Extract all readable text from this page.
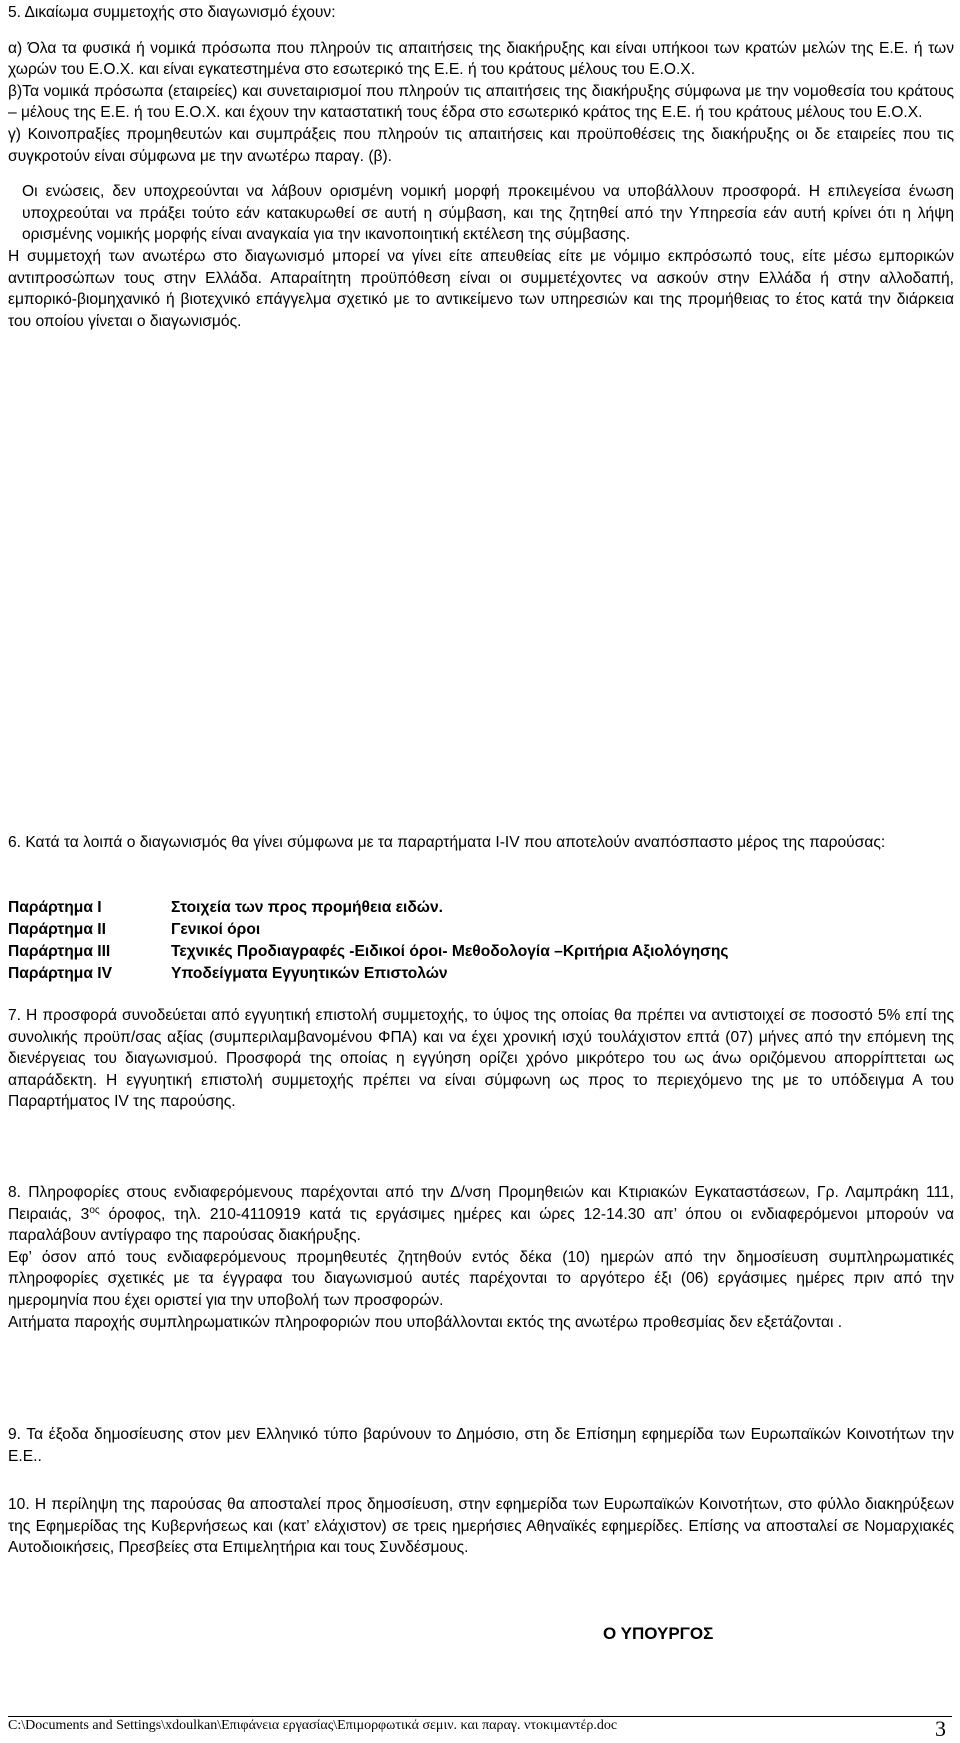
5. Δικαίωμα συμμετοχής στο διαγωνισμό έχουν:

α) Όλα τα φυσικά ή νομικά πρόσωπα που πληρούν τις απαιτήσεις της διακήρυξης και είναι υπήκοοι των κρατών μελών της Ε.Ε. ή των χωρών του Ε.Ο.Χ. και είναι εγκατεστημένα στο εσωτερικό της Ε.Ε. ή του κράτους μέλους του Ε.Ο.Χ.

β)Τα νομικά πρόσωπα (εταιρείες) και συνεταιρισμοί που πληρούν τις απαιτήσεις της διακήρυξης σύμφωνα με την νομοθεσία του κράτους – μέλους της Ε.Ε. ή του Ε.Ο.Χ. και έχουν την καταστατική τους έδρα στο εσωτερικό κράτος της Ε.Ε. ή του κράτους μέλους του Ε.Ο.Χ.

γ) Κοινοπραξίες προμηθευτών και συμπράξεις που πληρούν τις απαιτήσεις και προϋποθέσεις της διακήρυξης οι δε εταιρείες που τις συγκροτούν είναι σύμφωνα με την ανωτέρω παραγ. (β).

Οι ενώσεις, δεν υποχρεούνται να λάβουν ορισμένη νομική μορφή προκειμένου να υποβάλλουν προσφορά. Η επιλεγείσα ένωση υποχρεούται να πράξει τούτο εάν κατακυρωθεί σε αυτή η σύμβαση, και της ζητηθεί από την Υπηρεσία εάν αυτή κρίνει ότι η λήψη ορισμένης νομικής μορφής είναι αναγκαία για την ικανοποιητική εκτέλεση της σύμβασης.

Η συμμετοχή των ανωτέρω στο διαγωνισμό μπορεί να γίνει είτε απευθείας είτε με νόμιμο εκπρόσωπό τους, είτε μέσω εμπορικών αντιπροσώπων τους στην Ελλάδα. Απαραίτητη προϋπόθεση είναι οι συμμετέχοντες να ασκούν στην Ελλάδα ή στην αλλοδαπή, εμπορικό-βιομηχανικό ή βιοτεχνικό επάγγελμα σχετικό με το αντικείμενο των υπηρεσιών και της προμήθειας το έτος κατά την διάρκεια του οποίου γίνεται ο διαγωνισμός.

6. Κατά τα λοιπά ο διαγωνισμός θα γίνει σύμφωνα με τα παραρτήματα I-IV που αποτελούν αναπόσπαστο μέρος της παρούσας:

Παράρτημα I	Στοιχεία των προς προμήθεια ειδών.
Παράρτημα II	Γενικοί όροι
Παράρτημα III	Τεχνικές Προδιαγραφές -Ειδικοί όροι- Μεθοδολογία –Κριτήρια Αξιολόγησης
Παράρτημα IV	Υποδείγματα Εγγυητικών Επιστολών

7. Η προσφορά συνοδεύεται από εγγυητική επιστολή συμμετοχής, το ύψος της οποίας θα πρέπει να αντιστοιχεί σε ποσοστό 5% επί της συνολικής προϋπ/σας αξίας (συμπεριλαμβανομένου ΦΠΑ) και να έχει χρονική ισχύ τουλάχιστον επτά (07) μήνες από την επόμενη της διενέργειας του διαγωνισμού. Προσφορά της οποίας η εγγύηση ορίζει χρόνο μικρότερο του ως άνω οριζόμενου απορρίπτεται ως απαράδεκτη. Η εγγυητική επιστολή συμμετοχής πρέπει να είναι σύμφωνη ως προς το περιεχόμενο της με το υπόδειγμα Α του Παραρτήματος IV της παρούσης.

8. Πληροφορίες στους ενδιαφερόμενους παρέχονται από την Δ/νση Προμηθειών και Κτιριακών Εγκαταστάσεων, Γρ. Λαμπράκη 111, Πειραιάς, $3^{o\varsigma}$ όροφος, τηλ. 210-4110919 κατά τις εργάσιμες ημέρες και ώρες 12-14.30 απ’ όπου οι ενδιαφερόμενοι μπορούν να παραλάβουν αντίγραφο της παρούσας διακήρυξης.

Εφ’ όσον από τους ενδιαφερόμενους προμηθευτές ζητηθούν εντός δέκα (10) ημερών από την δημοσίευση συμπληρωματικές πληροφορίες σχετικές με τα έγγραφα του διαγωνισμού αυτές παρέχονται το αργότερο έξι (06) εργάσιμες ημέρες πριν από την ημερομηνία που έχει οριστεί για την υποβολή των προσφορών.

Αιτήματα παροχής συμπληρωματικών πληροφοριών που υποβάλλονται εκτός της ανωτέρω προθεσμίας δεν εξετάζονται .

9. Τα έξοδα δημοσίευσης στον μεν Ελληνικό τύπο βαρύνουν το Δημόσιο, στη δε Επίσημη εφημερίδα των Ευρωπαϊκών Κοινοτήτων την Ε.Ε..

10. Η περίληψη της παρούσας θα αποσταλεί προς δημοσίευση, στην εφημερίδα των Ευρωπαϊκών Κοινοτήτων, στο φύλλο διακηρύξεων της Εφημερίδας της Κυβερνήσεως και (κατ’ ελάχιστον) σε τρεις ημερήσιες Αθηναϊκές εφημερίδες. Επίσης να αποσταλεί σε Νομαρχιακές Αυτοδιοικήσεις, Πρεσβείες στα Επιμελητήρια και τους Συνδέσμους.

Ο ΥΠΟΥΡΓΟΣ
C:\Documents and Settings\xdoulkan\Επιφάνεια εργασίας\Επιμορφωτικά σεμιν. και παραγ. ντοκιμαντέρ.doc	3
